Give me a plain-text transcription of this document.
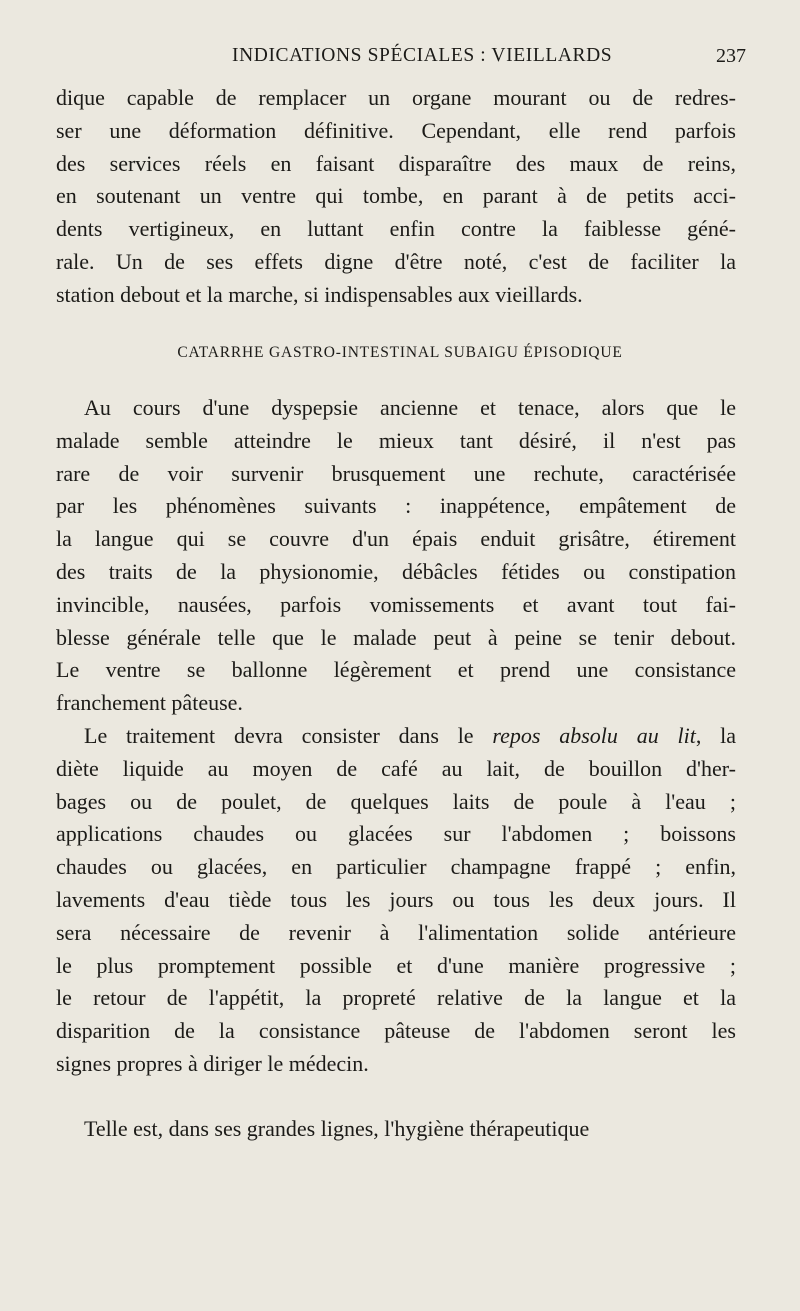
INDICATIONS SPÉCIALES : VIEILLARDS	237
dique capable de remplacer un organe mourant ou de redres-
ser une déformation définitive. Cependant, elle rend parfois
des services réels en faisant disparaître des maux de reins,
en soutenant un ventre qui tombe, en parant à de petits acci-
dents vertigineux, en luttant enfin contre la faiblesse géné-
rale. Un de ses effets digne d'être noté, c'est de faciliter la
station debout et la marche, si indispensables aux vieillards.
CATARRHE GASTRO-INTESTINAL SUBAIGU ÉPISODIQUE
Au cours d'une dyspepsie ancienne et tenace, alors que le
malade semble atteindre le mieux tant désiré, il n'est pas
rare de voir survenir brusquement une rechute, caractérisée
par les phénomènes suivants : inappétence, empâtement de
la langue qui se couvre d'un épais enduit grisâtre, étirement
des traits de la physionomie, débâcles fétides ou constipation
invincible, nausées, parfois vomissements et avant tout fai-
blesse générale telle que le malade peut à peine se tenir debout.
Le ventre se ballonne légèrement et prend une consistance
franchement pâteuse.
Le traitement devra consister dans le repos absolu au lit, la
diète liquide au moyen de café au lait, de bouillon d'her-
bages ou de poulet, de quelques laits de poule à l'eau ;
applications chaudes ou glacées sur l'abdomen ; boissons
chaudes ou glacées, en particulier champagne frappé ; enfin,
lavements d'eau tiède tous les jours ou tous les deux jours. Il
sera nécessaire de revenir à l'alimentation solide antérieure
le plus promptement possible et d'une manière progressive ;
le retour de l'appétit, la propreté relative de la langue et la
disparition de la consistance pâteuse de l'abdomen seront les
signes propres à diriger le médecin.
Telle est, dans ses grandes lignes, l'hygiène thérapeutique
